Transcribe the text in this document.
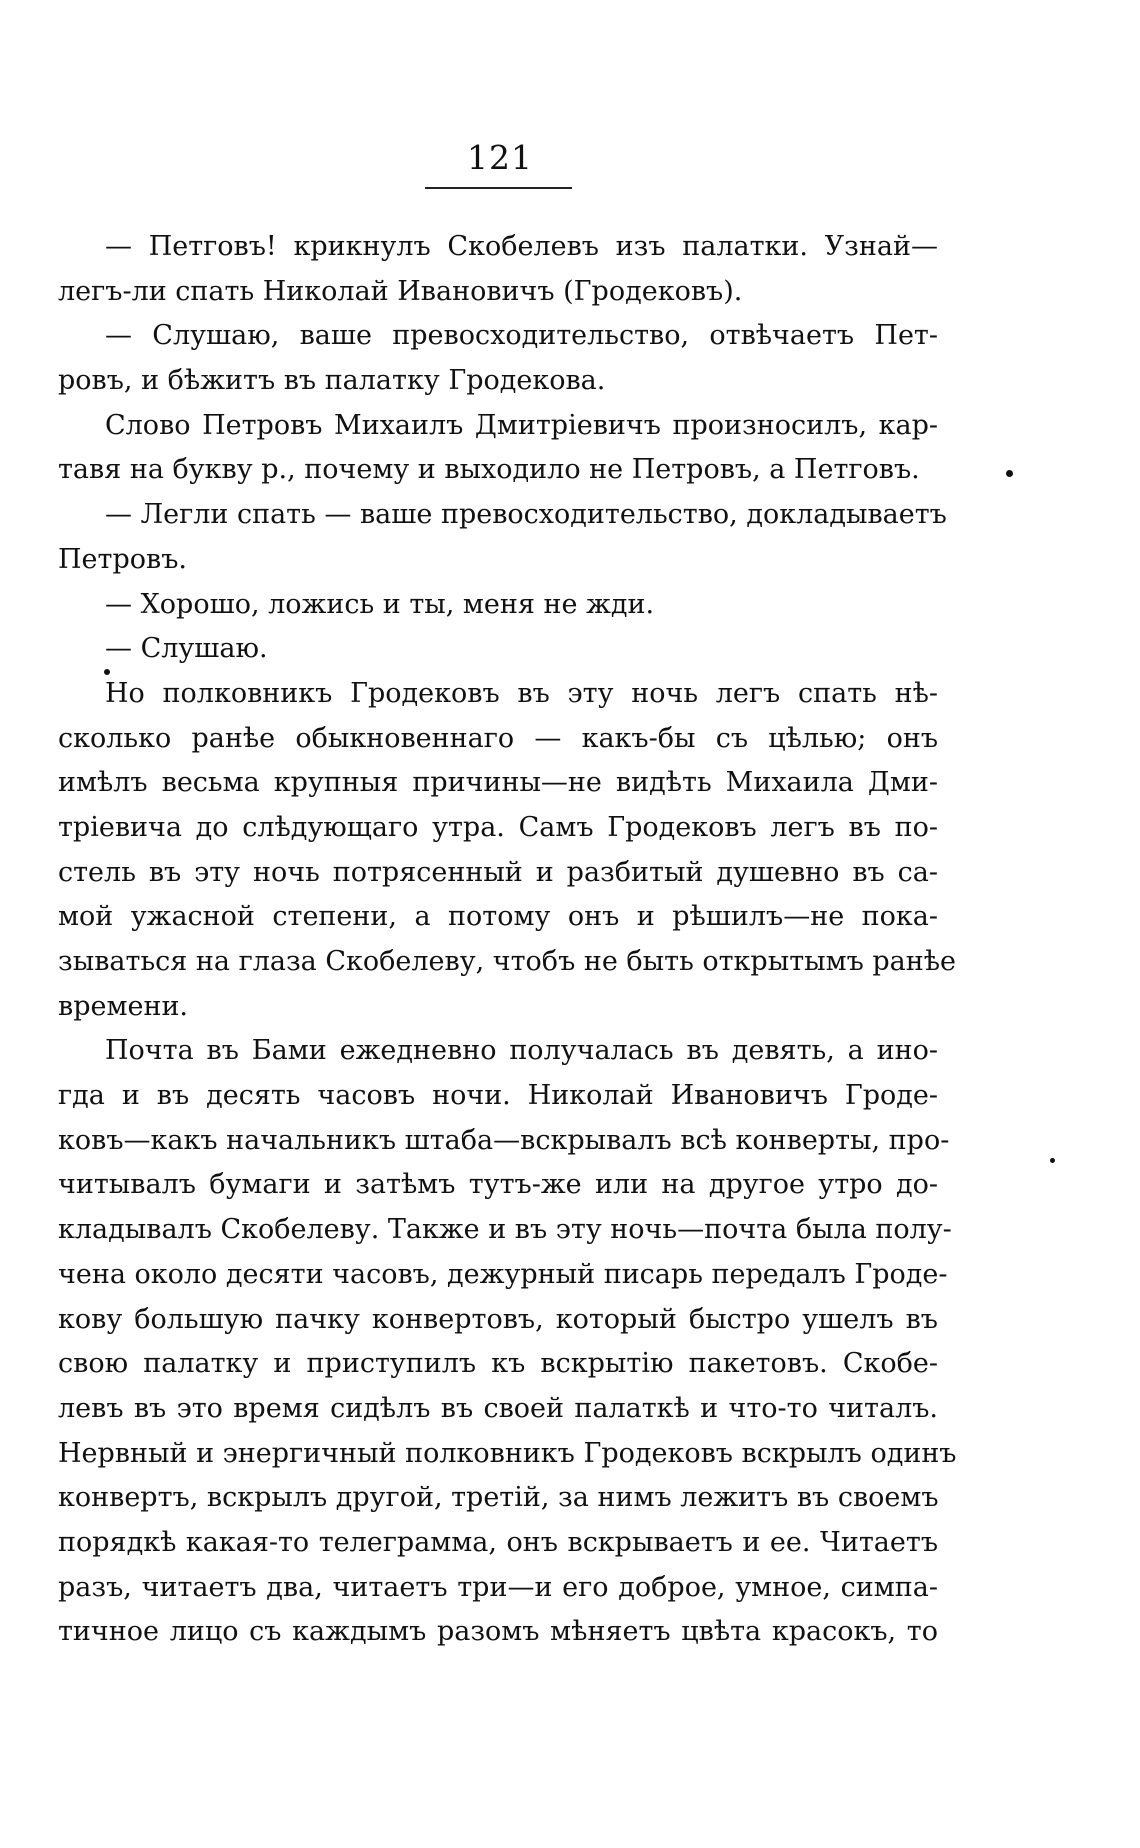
121
— Петговъ! крикнулъ Скобелевъ изъ палатки. Узнай—
легъ-ли спать Николай Ивановичъ (Гродековъ).
— Слушаю, ваше превосходительство, отвѣчаетъ Пет-
ровъ, и бѣжитъ въ палатку Гродекова.
Слово Петровъ Михаилъ Дмитріевичъ произносилъ, кар-
тавя на букву р., почему и выходило не Петровъ, а Петговъ.
— Легли спать — ваше превосходительство, докладываетъ
Петровъ.
— Хорошо, ложись и ты, меня не жди.
— Слушаю.
Но полковникъ Гродековъ въ эту ночь легъ спать нѣ-
сколько ранѣе обыкновеннаго — какъ-бы съ цѣлью; онъ
имѣлъ весьма крупныя причины—не видѣть Михаила Дми-
тріевича до слѣдующаго утра. Самъ Гродековъ легъ въ по-
стель въ эту ночь потрясенный и разбитый душевно въ са-
мой ужасной степени, а потому онъ и рѣшилъ—не пока-
зываться на глаза Скобелеву, чтобъ не быть открытымъ ранѣе
времени.
Почта въ Бами ежедневно получалась въ девять, а ино-
гда и въ десять часовъ ночи. Николай Ивановичъ Гроде-
ковъ—какъ начальникъ штаба—вскрывалъ всѣ конверты, про-
читывалъ бумаги и затѣмъ тутъ-же или на другое утро до-
кладывалъ Скобелеву. Также и въ эту ночь—почта была полу-
чена около десяти часовъ, дежурный писарь передалъ Гроде-
кову большую пачку конвертовъ, который быстро ушелъ въ
свою палатку и приступилъ къ вскрытію пакетовъ. Скобе-
левъ въ это время сидѣлъ въ своей палаткѣ и что-то читалъ.
Нервный и энергичный полковникъ Гродековъ вскрылъ одинъ
конвертъ, вскрылъ другой, третій, за нимъ лежитъ въ своемъ
порядкѣ какая-то телеграмма, онъ вскрываетъ и ее. Читаетъ
разъ, читаетъ два, читаетъ три—и его доброе, умное, симпа-
тичное лицо съ каждымъ разомъ мѣняетъ цвѣта красокъ, то
